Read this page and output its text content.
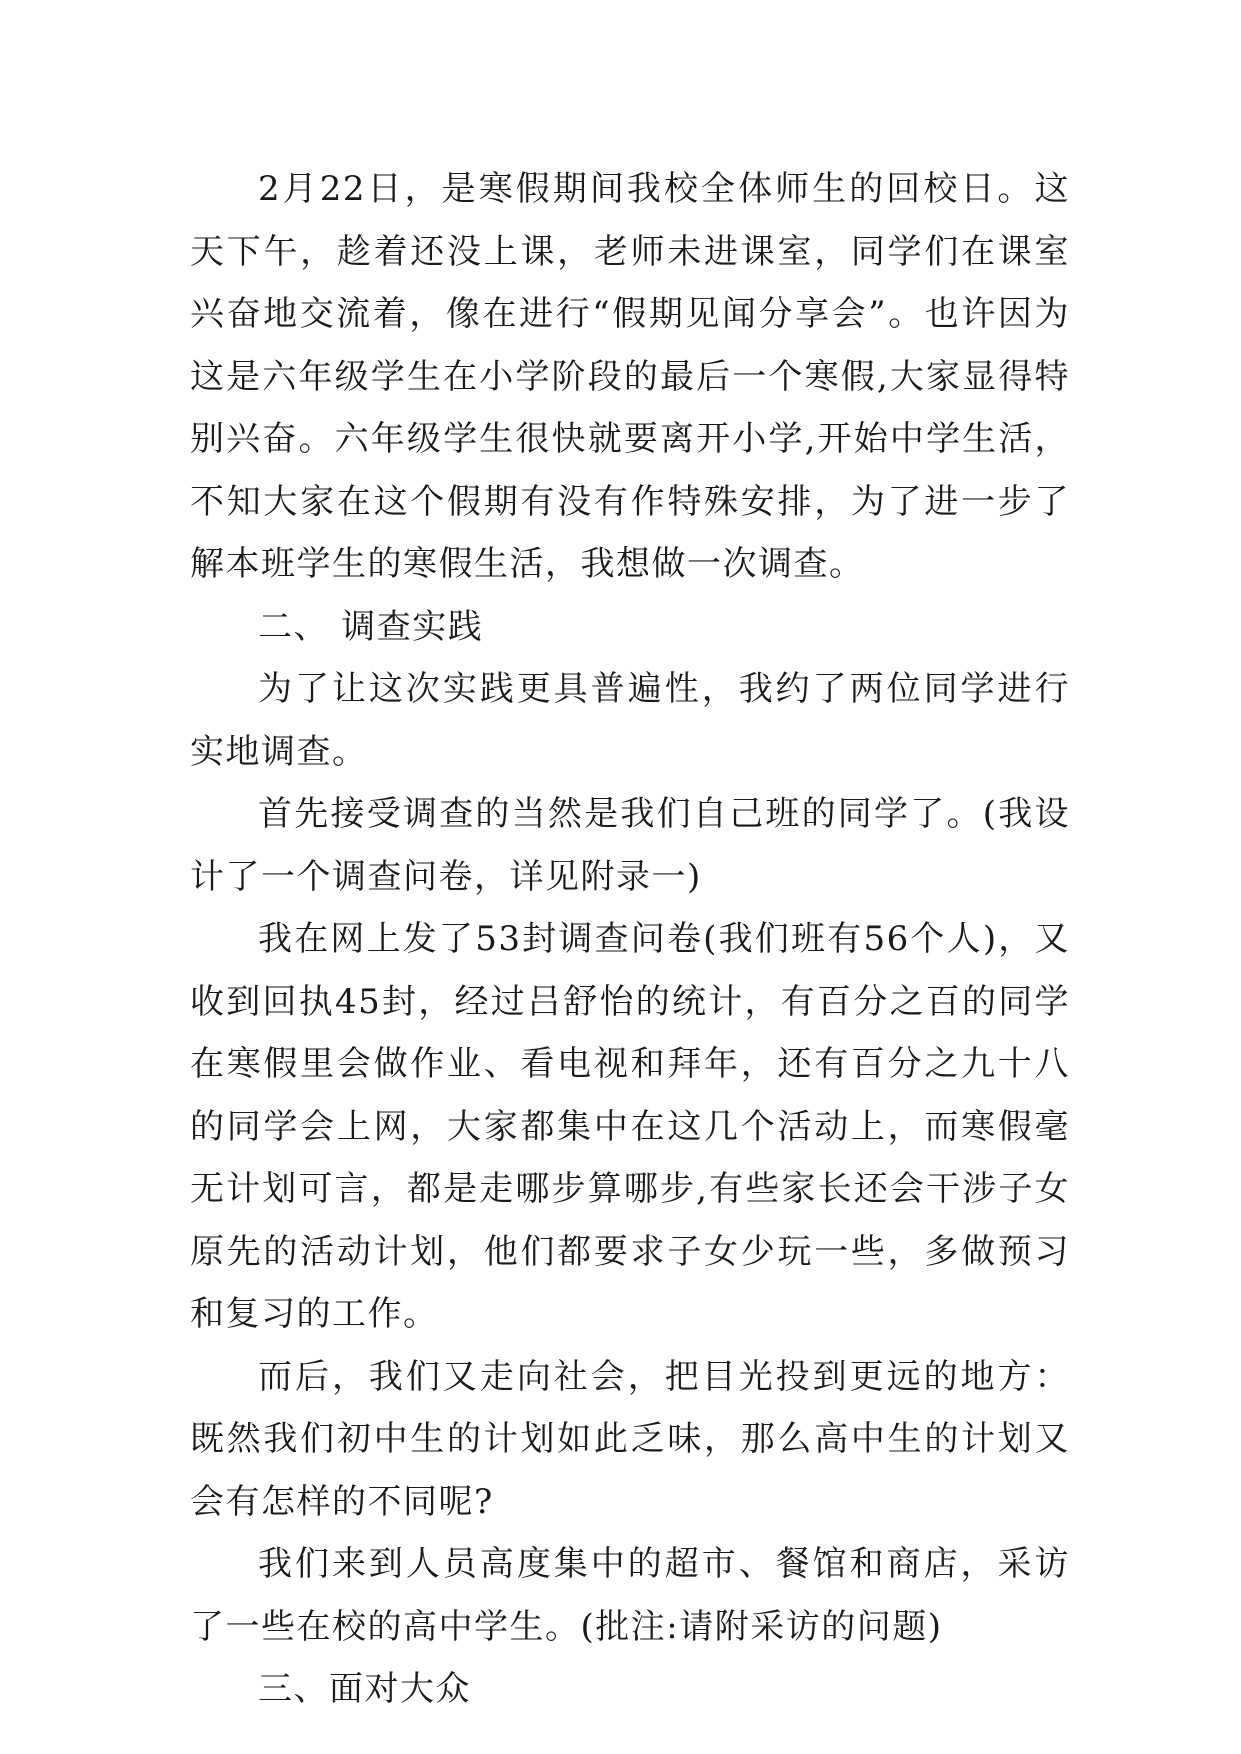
2月22日，是寒假期间我校全体师生的回校日。这天下午，趁着还没上课，老师未进课室，同学们在课室兴奋地交流着，像在进行“假期见闻分享会”。也许因为这是六年级学生在小学阶段的最后一个寒假,大家显得特别兴奋。六年级学生很快就要离开小学,开始中学生活，不知大家在这个假期有没有作特殊安排，为了进一步了解本班学生的寒假生活，我想做一次调查。

二、 调查实践

为了让这次实践更具普遍性，我约了两位同学进行实地调查。

首先接受调查的当然是我们自己班的同学了。(我设计了一个调查问卷，详见附录一)

我在网上发了53封调查问卷(我们班有56个人)，又收到回执45封，经过吕舒怡的统计，有百分之百的同学在寒假里会做作业、看电视和拜年，还有百分之九十八的同学会上网，大家都集中在这几个活动上，而寒假毫无计划可言，都是走哪步算哪步,有些家长还会干涉子女原先的活动计划，他们都要求子女少玩一些，多做预习和复习的工作。

而后，我们又走向社会，把目光投到更远的地方：既然我们初中生的计划如此乏味，那么高中生的计划又会有怎样的不同呢?

我们来到人员高度集中的超市、餐馆和商店，采访了一些在校的高中学生。(批注:请附采访的问题)

三、面对大众
